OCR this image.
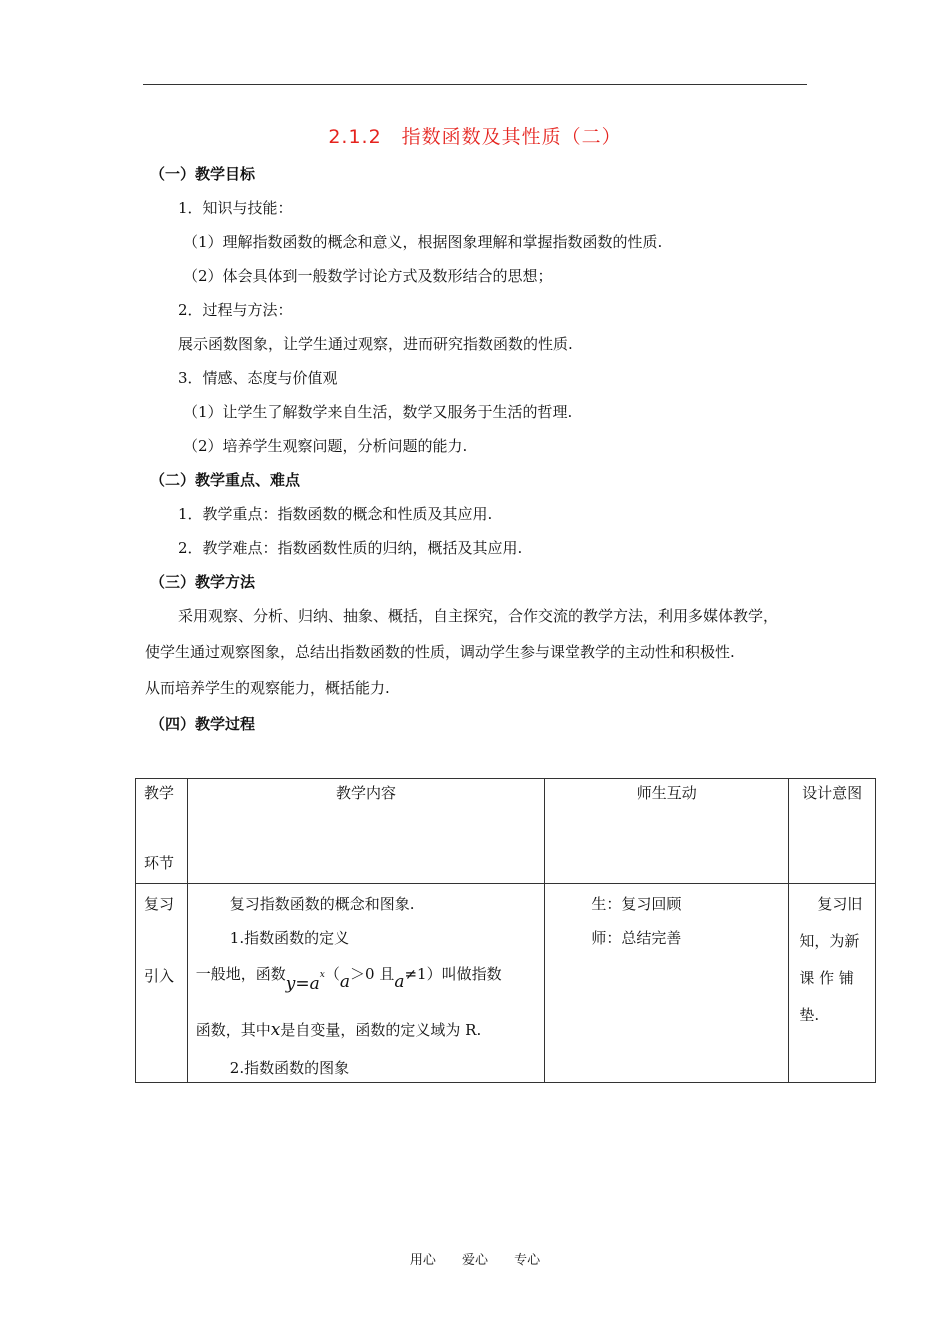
2.1.2　指数函数及其性质（二）
（一）教学目标
1．知识与技能：
（1）理解指数函数的概念和意义，根据图象理解和掌握指数函数的性质.
（2）体会具体到一般数学讨论方式及数形结合的思想；
2．过程与方法：
展示函数图象，让学生通过观察，进而研究指数函数的性质.
3．情感、态度与价值观
（1）让学生了解数学来自生活，数学又服务于生活的哲理.
（2）培养学生观察问题，分析问题的能力.
（二）教学重点、难点
1．教学重点：指数函数的概念和性质及其应用.
2．教学难点：指数函数性质的归纳，概括及其应用.
（三）教学方法
采用观察、分析、归纳、抽象、概括，自主探究，合作交流的教学方法，利用多媒体教学，
使学生通过观察图象，总结出指数函数的性质，调动学生参与课堂教学的主动性和积极性.
从而培养学生的观察能力，概括能力.
（四）教学过程
教学
环节	教学内容	师生互动	设计意图

复习
引入	复习指数函数的概念和图象.
1.指数函数的定义
一般地，函数y=ax（a＞0 且a≠1）叫做指数
函数，其中x是自变量，函数的定义域为 R.
2.指数函数的图象	生：复习回顾
师：总结完善	复习旧
知，为新
课 作 铺
垫.
用心 爱心 专心
